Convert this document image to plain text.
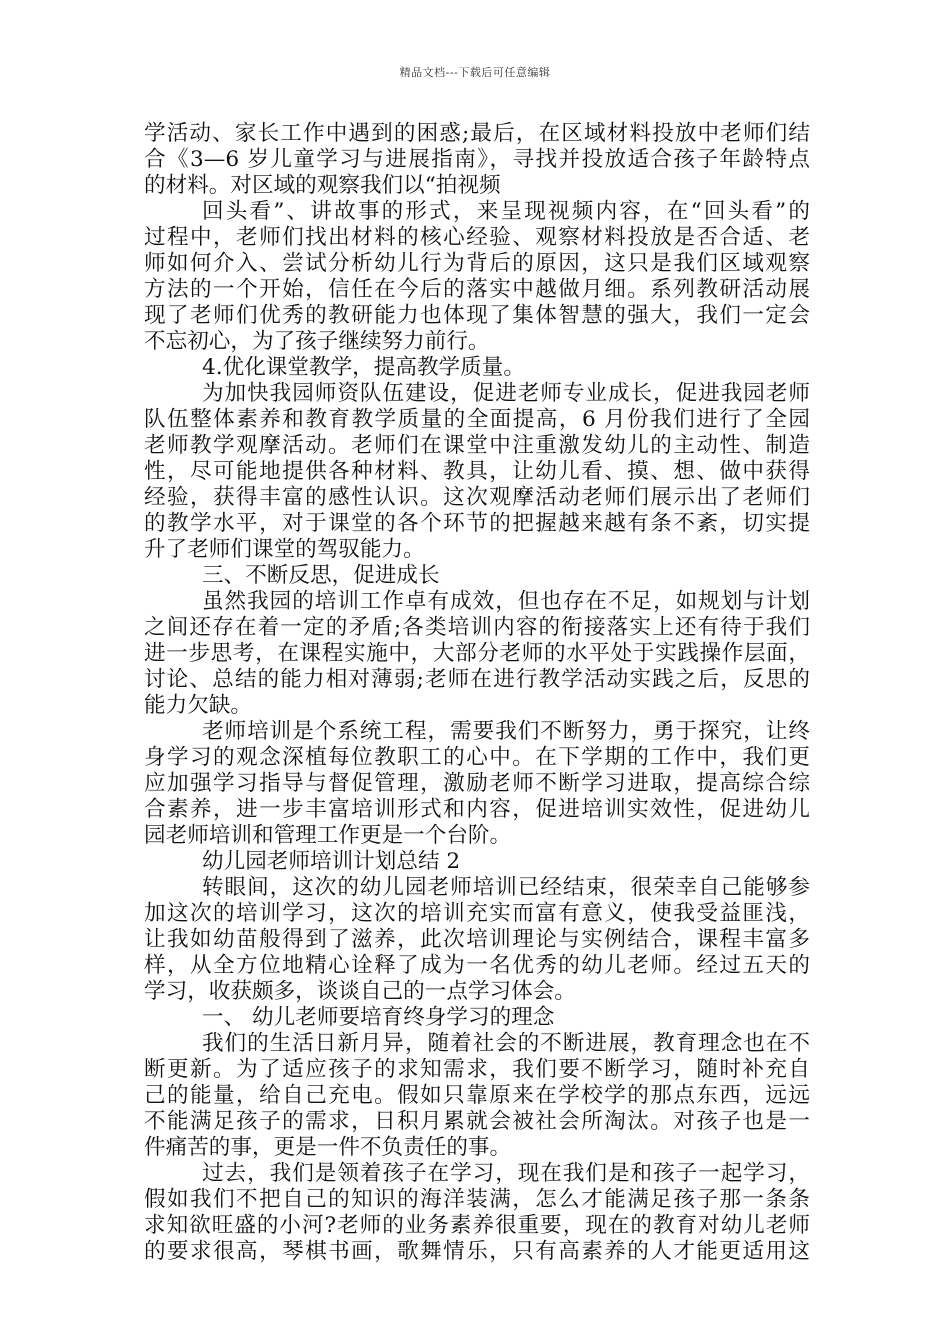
精品文档---下载后可任意编辑
学活动、家长工作中遇到的困惑;最后，在区域材料投放中老师们结
合《3—6 岁儿童学习与进展指南》，寻找并投放适合孩子年龄特点
的材料。对区域的观察我们以“拍视频
回头看”、讲故事的形式，来呈现视频内容，在“回头看”的
过程中，老师们找出材料的核心经验、观察材料投放是否合适、老
师如何介入、尝试分析幼儿行为背后的原因，这只是我们区域观察
方法的一个开始，信任在今后的落实中越做月细。系列教研活动展
现了老师们优秀的教研能力也体现了集体智慧的强大，我们一定会
不忘初心，为了孩子继续努力前行。
4.优化课堂教学，提高教学质量。
为加快我园师资队伍建设，促进老师专业成长，促进我园老师
队伍整体素养和教育教学质量的全面提高，6 月份我们进行了全园
老师教学观摩活动。老师们在课堂中注重激发幼儿的主动性、制造
性，尽可能地提供各种材料、教具，让幼儿看、摸、想、做中获得
经验，获得丰富的感性认识。这次观摩活动老师们展示出了老师们
的教学水平，对于课堂的各个环节的把握越来越有条不紊，切实提
升了老师们课堂的驾驭能力。
三、不断反思，促进成长
虽然我园的培训工作卓有成效，但也存在不足，如规划与计划
之间还存在着一定的矛盾;各类培训内容的衔接落实上还有待于我们
进一步思考，在课程实施中，大部分老师的水平处于实践操作层面，
讨论、总结的能力相对薄弱;老师在进行教学活动实践之后，反思的
能力欠缺。
老师培训是个系统工程，需要我们不断努力，勇于探究，让终
身学习的观念深植每位教职工的心中。在下学期的工作中，我们更
应加强学习指导与督促管理，激励老师不断学习进取，提高综合综
合素养，进一步丰富培训形式和内容，促进培训实效性，促进幼儿
园老师培训和管理工作更是一个台阶。
幼儿园老师培训计划总结 2
转眼间，这次的幼儿园老师培训已经结束，很荣幸自己能够参
加这次的培训学习，这次的培训充实而富有意义，使我受益匪浅，
让我如幼苗般得到了滋养，此次培训理论与实例结合，课程丰富多
样，从全方位地精心诠释了成为一名优秀的幼儿老师。经过五天的
学习，收获颇多，谈谈自己的一点学习体会。
一、 幼儿老师要培育终身学习的理念
我们的生活日新月异，随着社会的不断进展，教育理念也在不
断更新。为了适应孩子的求知需求，我们要不断学习，随时补充自
己的能量，给自己充电。假如只靠原来在学校学的那点东西，远远
不能满足孩子的需求，日积月累就会被社会所淘汰。对孩子也是一
件痛苦的事，更是一件不负责任的事。
过去，我们是领着孩子在学习，现在我们是和孩子一起学习，
假如我们不把自己的知识的海洋装满，怎么才能满足孩子那一条条
求知欲旺盛的小河?老师的业务素养很重要，现在的教育对幼儿老师
的要求很高，琴棋书画，歌舞情乐，只有高素养的人才能更适用这
